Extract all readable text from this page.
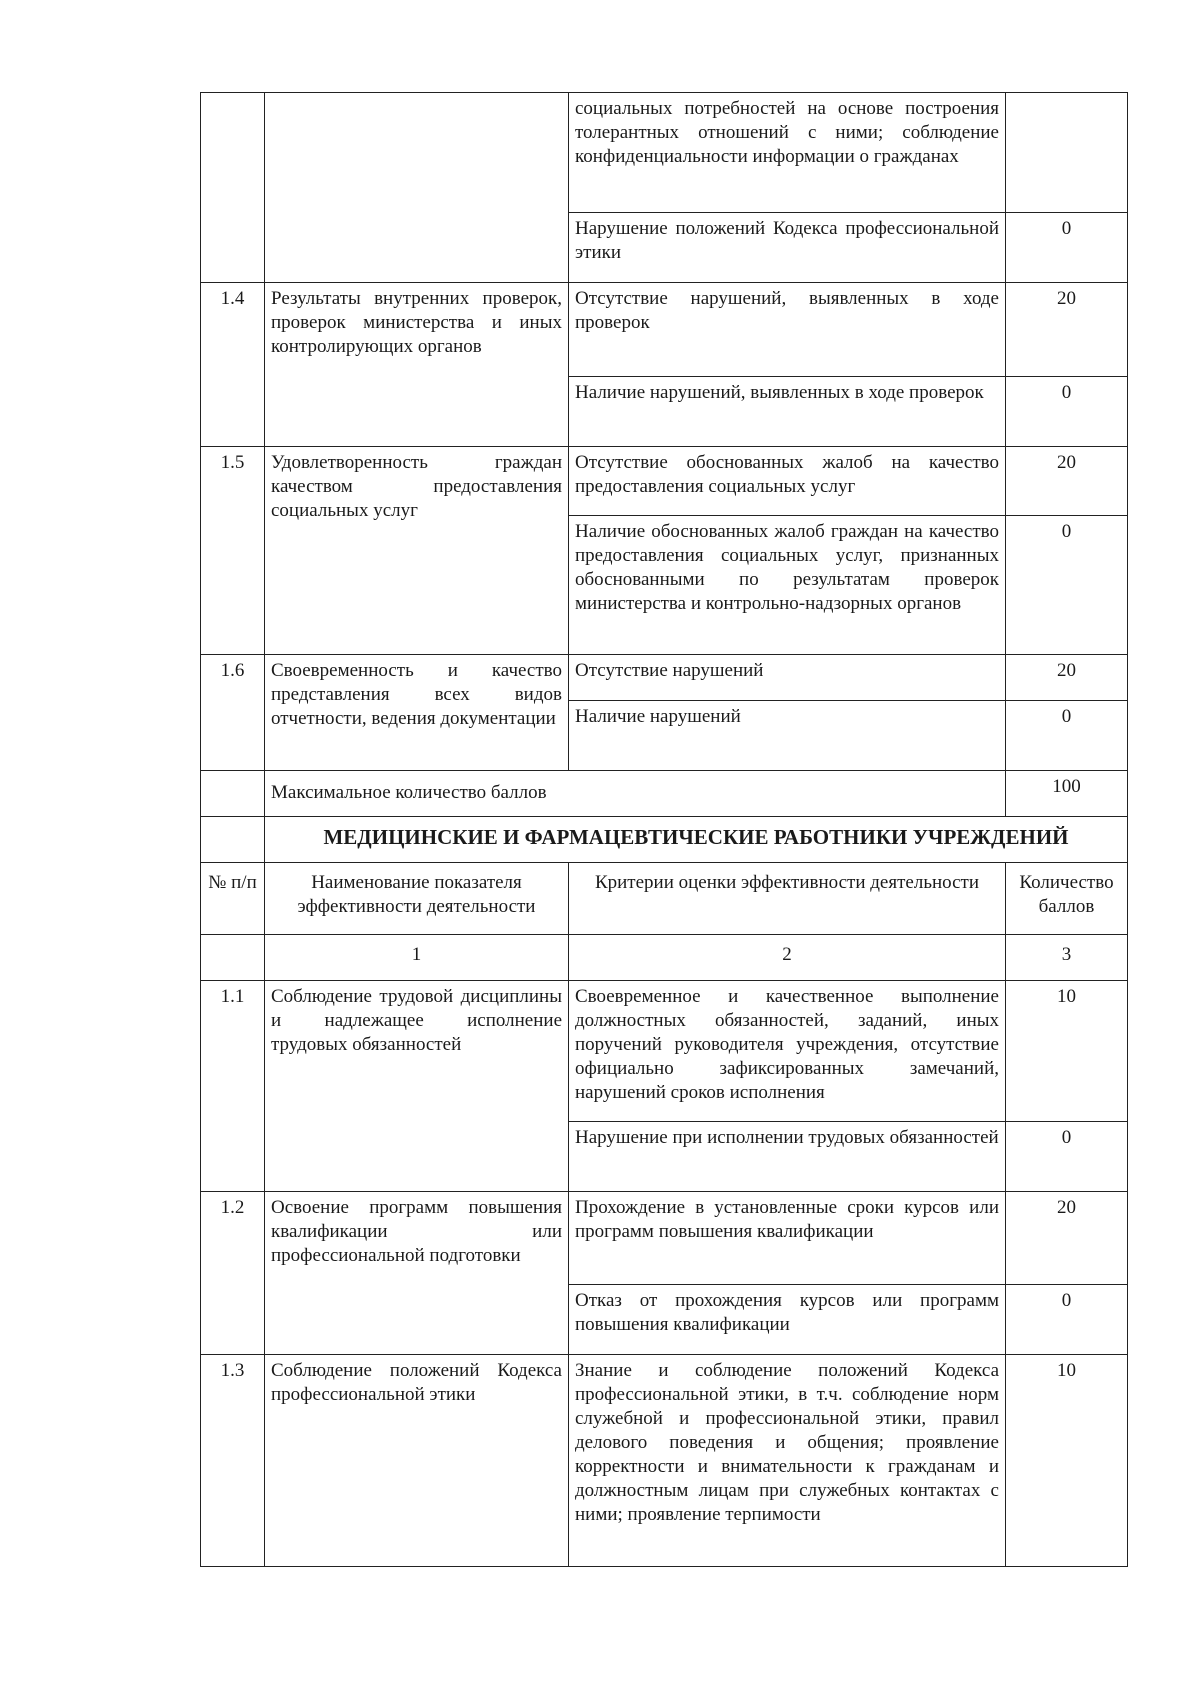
		социальных потребностей на основе построения толерантных отношений с ними; соблюдение конфиденциальности информации о гражданах	
		Нарушение положений Кодекса профессиональной этики	0
1.4	Результаты внутренних проверок, проверок министерства и иных контролирующих органов	Отсутствие нарушений, выявленных в ходе проверок	20
		Наличие нарушений, выявленных в ходе проверок	0
1.5	Удовлетворенность граждан качеством предоставления социальных услуг	Отсутствие обоснованных жалоб на качество предоставления социальных услуг	20
		Наличие обоснованных жалоб граждан на качество предоставления социальных услуг, признанных обоснованными по результатам проверок министерства и контрольно-надзорных органов	0
1.6	Своевременность и качество представления всех видов отчетности, ведения документации	Отсутствие нарушений	20
		Наличие нарушений	0
	Максимальное количество баллов		100
	МЕДИЦИНСКИЕ И ФАРМАЦЕВТИЧЕСКИЕ РАБОТНИКИ УЧРЕЖДЕНИЙ		
№ п/п	Наименование показателя эффективности деятельности	Критерии оценки эффективности деятельности	Количество баллов
	1	2	3
1.1	Соблюдение трудовой дисциплины и надлежащее исполнение трудовых обязанностей	Своевременное и качественное выполнение должностных обязанностей, заданий, иных поручений руководителя учреждения, отсутствие официально зафиксированных замечаний, нарушений сроков исполнения	10
		Нарушение при исполнении трудовых обязанностей	0
1.2	Освоение программ повышения квалификации или профессиональной подготовки	Прохождение в установленные сроки курсов или программ повышения квалификации	20
		Отказ от прохождения курсов или программ повышения квалификации	0
1.3	Соблюдение положений Кодекса профессиональной этики	Знание и соблюдение положений Кодекса профессиональной этики, в т.ч. соблюдение норм служебной и профессиональной этики, правил делового поведения и общения; проявление корректности и внимательности к гражданам и должностным лицам при служебных контактах с ними; проявление терпимости	10
